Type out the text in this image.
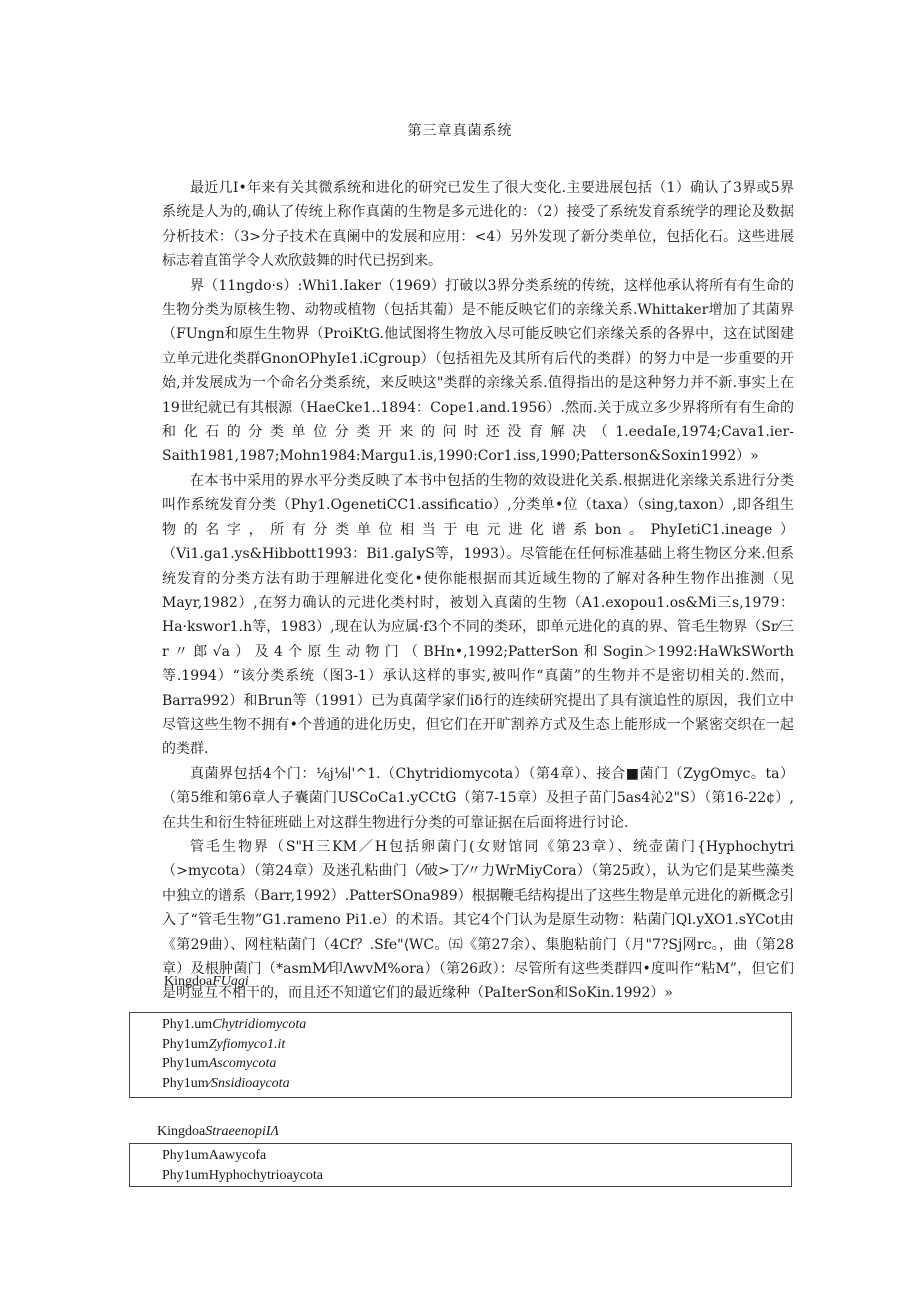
第三章真菌系统

最近几I•年来有关其微系统和进化的研究已发生了很大变化.主要进展包括（1）确认了3界或5界系统是人为的,确认了传统上称作真菌的生物是多元进化的：（2）接受了系统发育系统学的理论及数据分析技术：（3>分子技术在真阑中的发展和应用：<4）另外发现了新分类单位，包括化石。这些进展标志着直笛学令人欢欣鼓舞的时代已拐到来。

界（11ngdo·s）:Whi1.Iaker（1969）打破以3界分类系统的传统，这样他承认将所有有生命的生物分类为原核生物、动物或植物（包括其葡）是不能反映它们的亲缘关系.Whittaker增加了其菌界（FUngn和原生生物界（ProiKtG.他试图将生物放入尽可能反映它们亲缘关系的各界中，这在试图建立单元进化类群GnonOPhyIe1.iCgroup）（包括祖先及其所有后代的类群）的努力中是一步重要的开始,并发展成为一个命名分类系统，来反映这"类群的亲缘关系.值得指出的是这种努力并不新.事实上在19世纪就已有其根源（HaeCke1..1894：Cope1.and.1956）.然而.关于成立多少界将所有有生命的和化石的分类单位分类开来的问时还没育解决（1.eedaIe,1974;Cava1.ier-Saith1981,1987;Mohn1984:Margu1.is,1990:Cor1.iss,1990;Patterson&Soxin1992）»

在本书中采用的界水平分类反映了本书中包括的生物的效设进化关系.根据进化亲缘关系进行分类叫作系统发育分类（Phy1.OgenetiCC1.assificatio）,分类单•位（taxa）（sing,taxon）,即各组生物的名字，所有分类单位相当于电元进化谱系bon。PhyIetiC1.ineage）（Vi1.ga1.ys&Hibbott1993：Bi1.gaIyS等，1993）。尽管能在任何标准基础上将生物区分来.但系统发育的分类方法有助于理解进化变化•使你能根据而其近域生物的了解对各种生物作出推测（见Mayr,1982）,在努力确认的元进化类村时，被划入真菌的生物（A1.exopou1.os&Mi三s,1979：Ha·kswor1.h等，1983）,现在认为应属·f3个不同的类环，即单元进化的真的界、管毛生物界（Sr⁄三r〃郎√a）及4个原生动物门（BHn•,1992;PatterSon和Sogin＞1992:HaWkSWorth等.1994）“该分类系统（图3-1）承认这样的事实,被叫作“真菌”的生物并不是密切相关的.然而，Barra992）和Brun等（1991）已为真菌学家们iδ行的连续研究提出了具有演追性的原因，我们立中尽管这些生物不拥有•个普通的进化历史，但它们在开旷割养方式及生态上能形成一个紧密交织在一起的类群.

真菌界包括4个门：⅛j⅛∣'^1.（Chytridiomycota）（第4章）、接合■菌门（ZygOmyc。ta）（第5维和第6章人子囊菌门USCoCa1.yCCtG（第7-15章）及担子苗门5as4沁2"S）（第16-22¢）,在共生和衍生特征班础上对这群生物进行分类的可靠证据在后面将进行讨论.

管毛生物界（S"H三KM／H包括卵菌门(女财馆同《第23章）、统壶菌门{Hyphochytri（>mycota）（第24章）及迷孔粘曲门（⁄破>丁⁄〃力WrMiyCora）（第25政），认为它们是某些藻类中独立的谱系（Barr,1992）.PatterSOna989）根据鞭毛结构提出了这些生物是单元进化的新概念引入了“管毛生物”G1.rameno Pi1.e）的术语。其它4个门认为是原生动物：粘菌门Ql.yXO1.sYCot由《第29曲）、网柱粘菌门（4Cf？.Sfe"⟨WC。㈤《第27余）、集胞粘前门（月"7?Sj网rc。，曲（第28章）及根肿菌门（*asmM⁄印ΛwvM%ora）（第26政）：尽管所有这些类群四•度叫作“粘M”，但它们是明显互不相干的，而且还不知道它们的最近缘种（PaIterSon和SoKin.1992）»

KingdoaFUagi
Phy1.umChytridiomycota
Phy1umZyfiomyco1.it
Phy1umAscomycota
Phy1um⁄Snsidioaycota
KingdoaStraeenopiIΛ
Phy1umAawycofa
Phy1umHyphochytrioaycota
